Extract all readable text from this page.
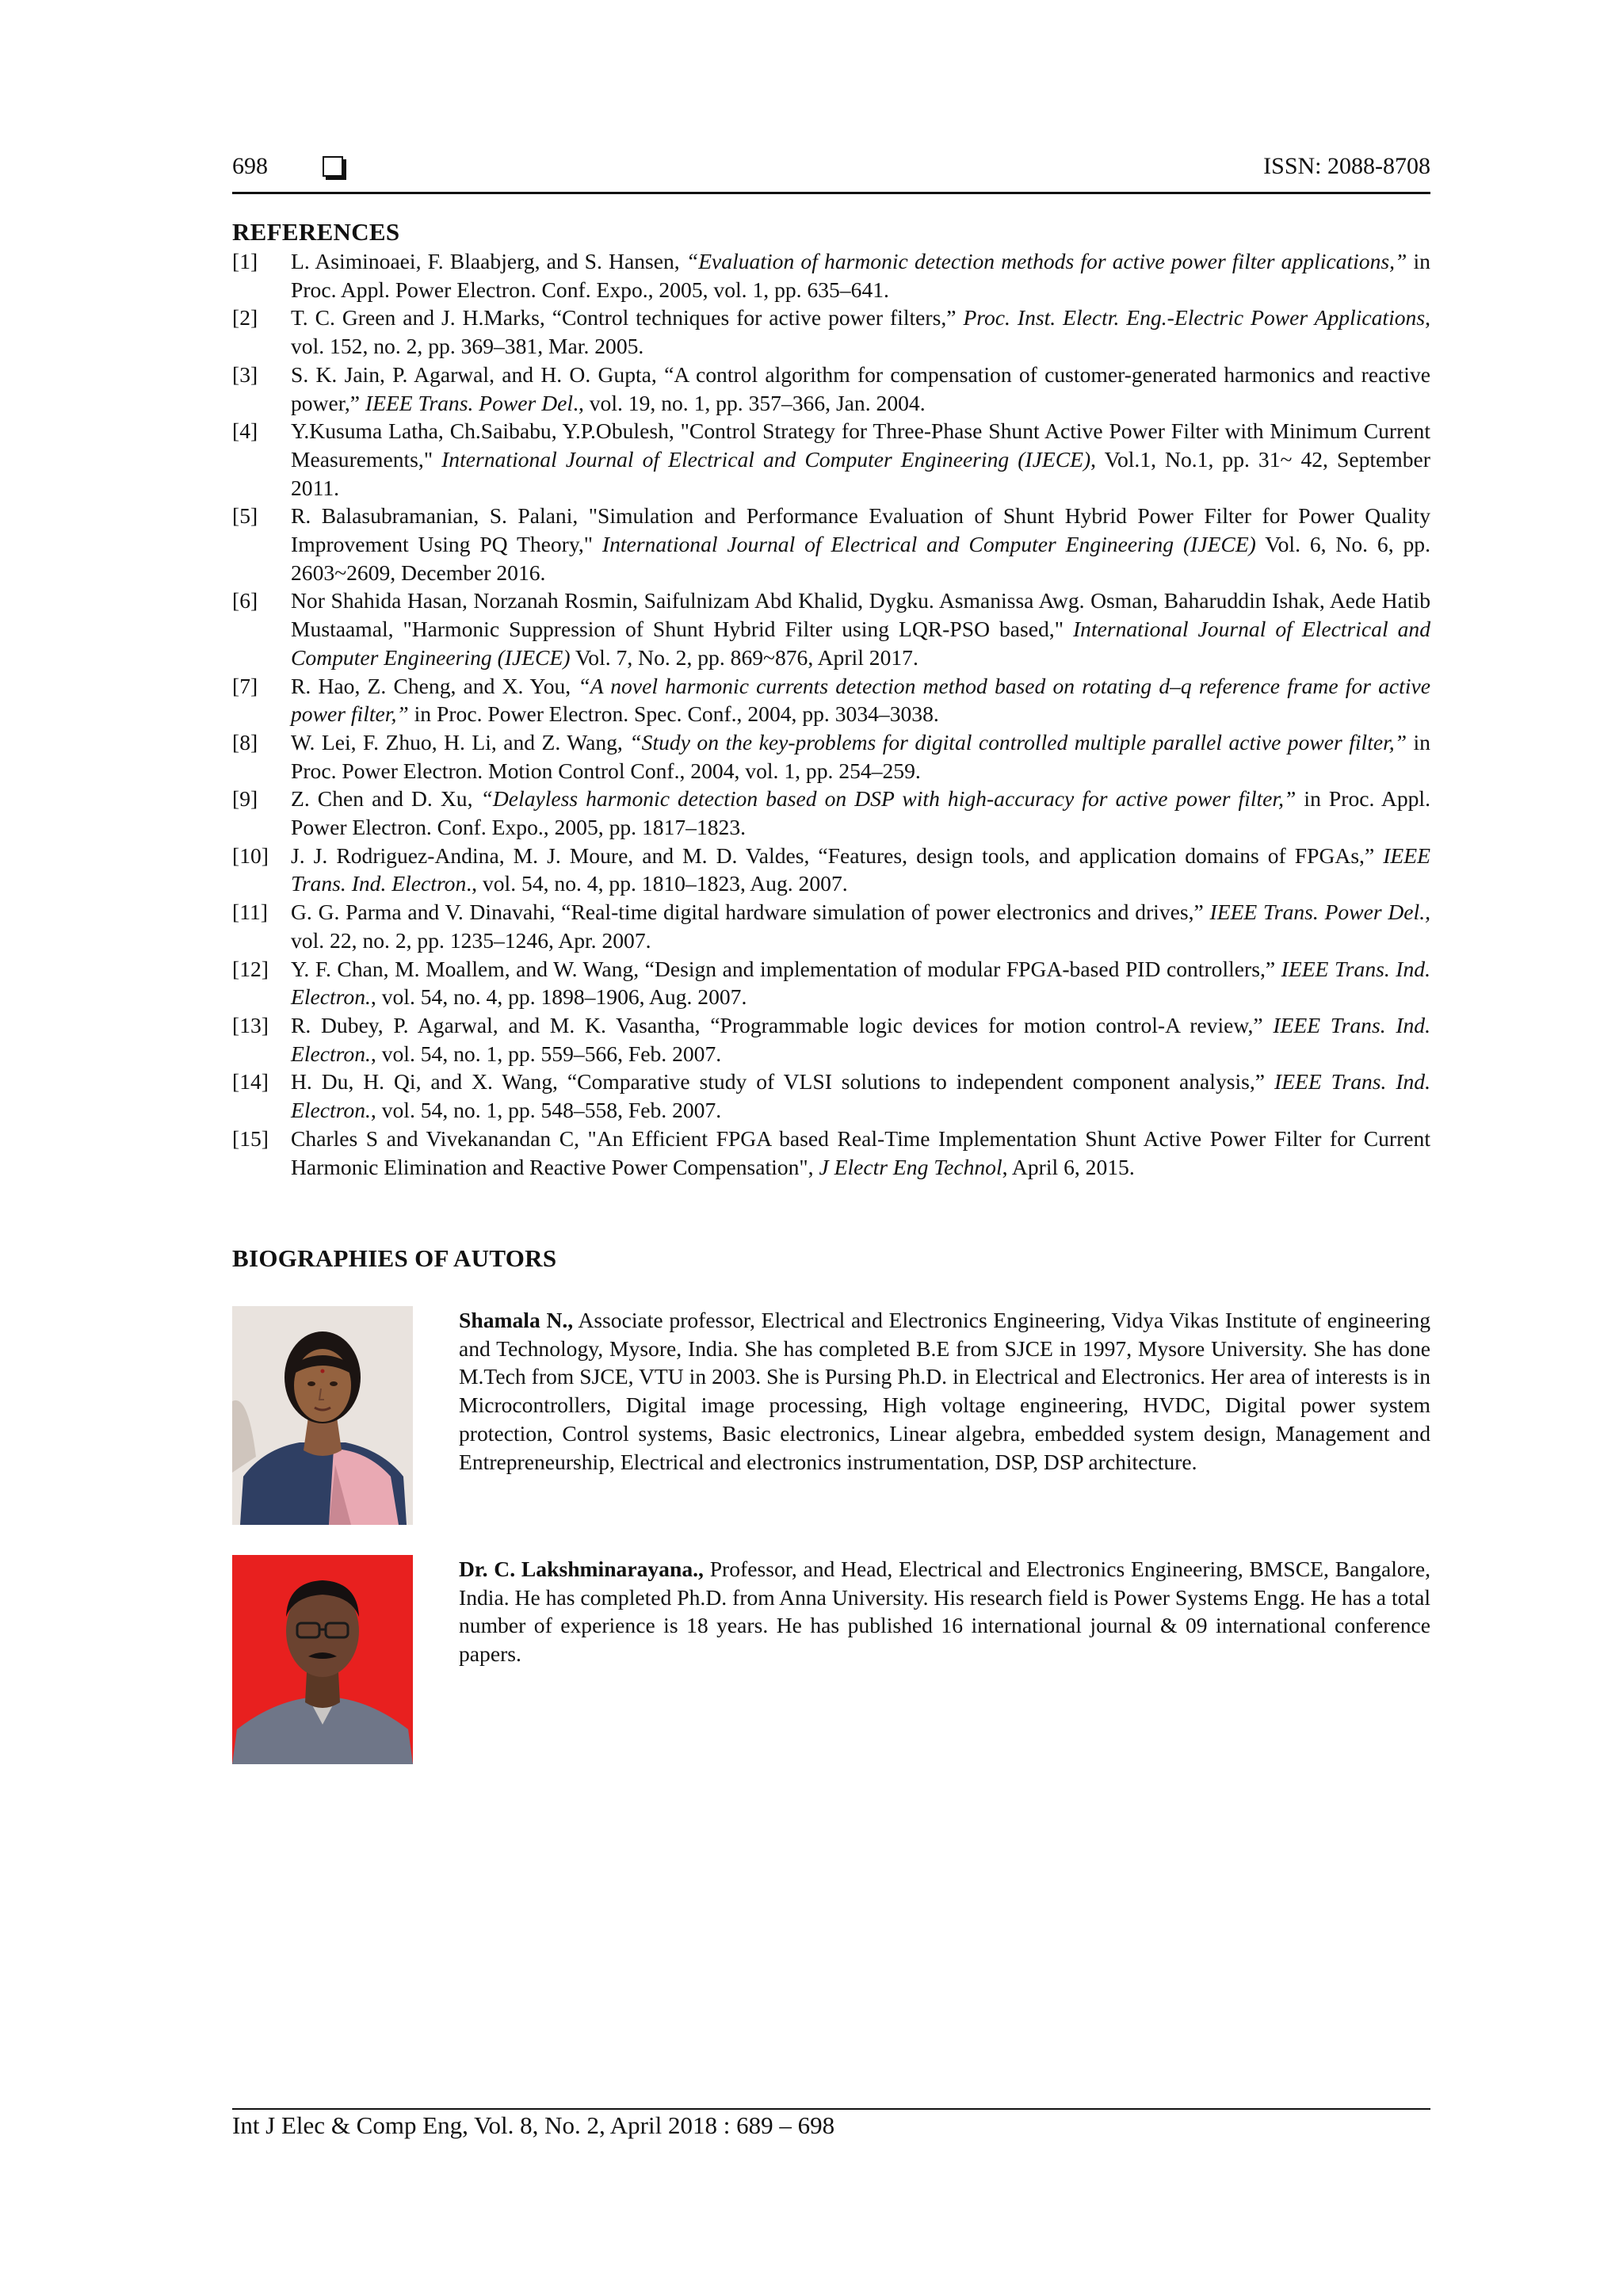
698	ISSN: 2088-8708
REFERENCES
[1] L. Asiminoaei, F. Blaabjerg, and S. Hansen, “Evaluation of harmonic detection methods for active power filter applications,” in Proc. Appl. Power Electron. Conf. Expo., 2005, vol. 1, pp. 635–641.
[2] T. C. Green and J. H.Marks, “Control techniques for active power filters,” Proc. Inst. Electr. Eng.-Electric Power Applications, vol. 152, no. 2, pp. 369–381, Mar. 2005.
[3] S. K. Jain, P. Agarwal, and H. O. Gupta, “A control algorithm for compensation of customer-generated harmonics and reactive power,” IEEE Trans. Power Del., vol. 19, no. 1, pp. 357–366, Jan. 2004.
[4] Y.Kusuma Latha, Ch.Saibabu, Y.P.Obulesh, "Control Strategy for Three-Phase Shunt Active Power Filter with Minimum Current Measurements," International Journal of Electrical and Computer Engineering (IJECE), Vol.1, No.1, pp. 31~ 42, September 2011.
[5] R. Balasubramanian, S. Palani, "Simulation and Performance Evaluation of Shunt Hybrid Power Filter for Power Quality Improvement Using PQ Theory," International Journal of Electrical and Computer Engineering (IJECE) Vol. 6, No. 6, pp. 2603~2609, December 2016.
[6] Nor Shahida Hasan, Norzanah Rosmin, Saifulnizam Abd Khalid, Dygku. Asmanissa Awg. Osman, Baharuddin Ishak, Aede Hatib Mustaamal, "Harmonic Suppression of Shunt Hybrid Filter using LQR-PSO based," International Journal of Electrical and Computer Engineering (IJECE) Vol. 7, No. 2, pp. 869~876, April 2017.
[7] R. Hao, Z. Cheng, and X. You, “A novel harmonic currents detection method based on rotating d–q reference frame for active power filter,” in Proc. Power Electron. Spec. Conf., 2004, pp. 3034–3038.
[8] W. Lei, F. Zhuo, H. Li, and Z. Wang, “Study on the key-problems for digital controlled multiple parallel active power filter,” in Proc. Power Electron. Motion Control Conf., 2004, vol. 1, pp. 254–259.
[9] Z. Chen and D. Xu, “Delayless harmonic detection based on DSP with high-accuracy for active power filter,” in Proc. Appl. Power Electron. Conf. Expo., 2005, pp. 1817–1823.
[10] J. J. Rodriguez-Andina, M. J. Moure, and M. D. Valdes, “Features, design tools, and application domains of FPGAs,” IEEE Trans. Ind. Electron., vol. 54, no. 4, pp. 1810–1823, Aug. 2007.
[11] G. G. Parma and V. Dinavahi, “Real-time digital hardware simulation of power electronics and drives,” IEEE Trans. Power Del., vol. 22, no. 2, pp. 1235–1246, Apr. 2007.
[12] Y. F. Chan, M. Moallem, and W. Wang, “Design and implementation of modular FPGA-based PID controllers,” IEEE Trans. Ind. Electron., vol. 54, no. 4, pp. 1898–1906, Aug. 2007.
[13] R. Dubey, P. Agarwal, and M. K. Vasantha, “Programmable logic devices for motion control-A review,” IEEE Trans. Ind. Electron., vol. 54, no. 1, pp. 559–566, Feb. 2007.
[14] H. Du, H. Qi, and X. Wang, “Comparative study of VLSI solutions to independent component analysis,” IEEE Trans. Ind. Electron., vol. 54, no. 1, pp. 548–558, Feb. 2007.
[15] Charles S and Vivekanandan C, "An Efficient FPGA based Real-Time Implementation Shunt Active Power Filter for Current Harmonic Elimination and Reactive Power Compensation", J Electr Eng Technol, April 6, 2015.
BIOGRAPHIES OF AUTORS
Shamala N., Associate professor, Electrical and Electronics Engineering, Vidya Vikas Institute of engineering and Technology, Mysore, India. She has completed B.E from SJCE in 1997, Mysore University. She has done M.Tech from SJCE, VTU in 2003. She is Pursing Ph.D. in Electrical and Electronics. Her area of interests is in Microcontrollers, Digital image processing, High voltage engineering, HVDC, Digital power system protection, Control systems, Basic electronics, Linear algebra, embedded system design, Management and Entrepreneurship, Electrical and electronics instrumentation, DSP, DSP architecture.
Dr. C. Lakshminarayana., Professor, and Head, Electrical and Electronics Engineering, BMSCE, Bangalore, India. He has completed Ph.D. from Anna University. His research field is Power Systems Engg. He has a total number of experience is 18 years. He has published 16 international journal & 09 international conference papers.
Int J Elec & Comp Eng, Vol. 8, No. 2, April 2018 : 689 – 698
